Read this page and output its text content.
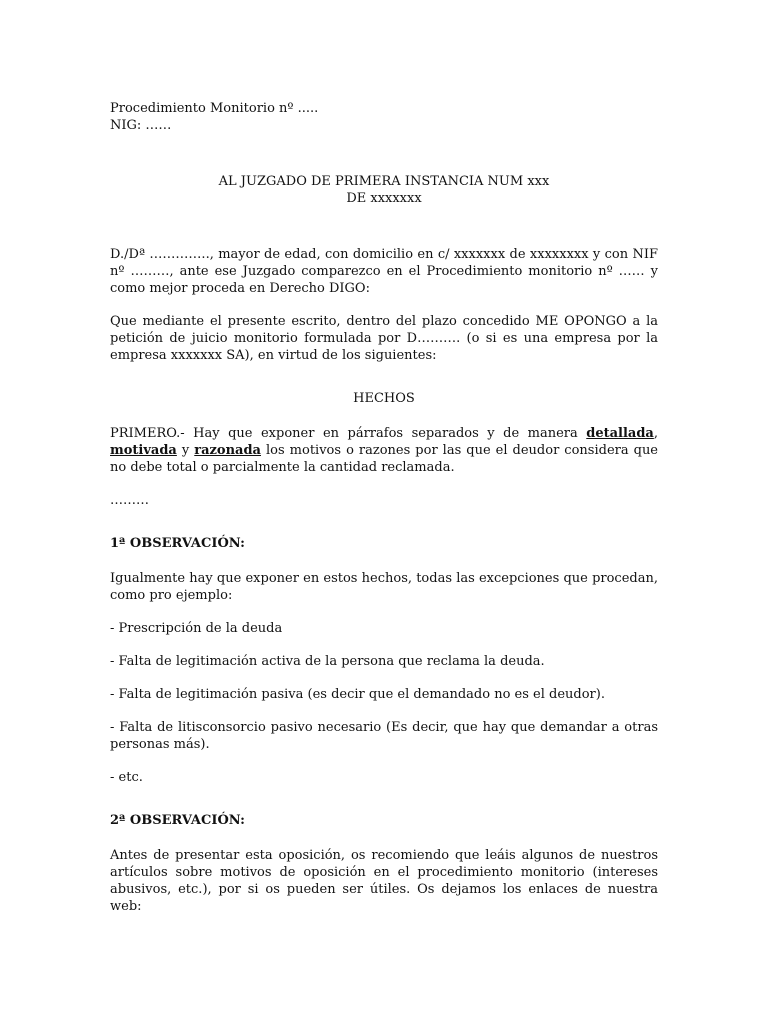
Procedimiento Monitorio nº .....

NIG: ……

AL JUZGADO DE PRIMERA INSTANCIA NUM xxx

DE xxxxxxx

D./Dª ………….., mayor de edad, con domicilio en c/ xxxxxxx de xxxxxxxx y con NIF nº ………, ante ese Juzgado comparezco en el Procedimiento monitorio nº …… y como mejor proceda en Derecho DIGO:

Que mediante el presente escrito, dentro del plazo concedido ME OPONGO a la petición de juicio monitorio formulada por D………. (o si es una empresa por la empresa xxxxxxx SA), en virtud de los siguientes:

HECHOS

PRIMERO.- Hay que exponer en párrafos separados y de manera detallada, motivada y razonada los motivos o razones por las que el deudor considera que no debe total o parcialmente la cantidad reclamada.

………

1ª OBSERVACIÓN:

Igualmente hay que exponer en estos hechos, todas las excepciones que procedan, como pro ejemplo:

- Prescripción de la deuda

- Falta de legitimación activa de la persona que reclama la deuda.

- Falta de legitimación pasiva (es decir que el demandado no es el deudor).

- Falta de litisconsorcio pasivo necesario (Es decir, que hay que demandar a otras personas más).

- etc.

2ª OBSERVACIÓN:

Antes de presentar esta oposición, os recomiendo que leáis algunos de nuestros artículos sobre motivos de oposición en el procedimiento monitorio (intereses abusivos, etc.), por si os pueden ser útiles. Os dejamos los enlaces de nuestra web:
